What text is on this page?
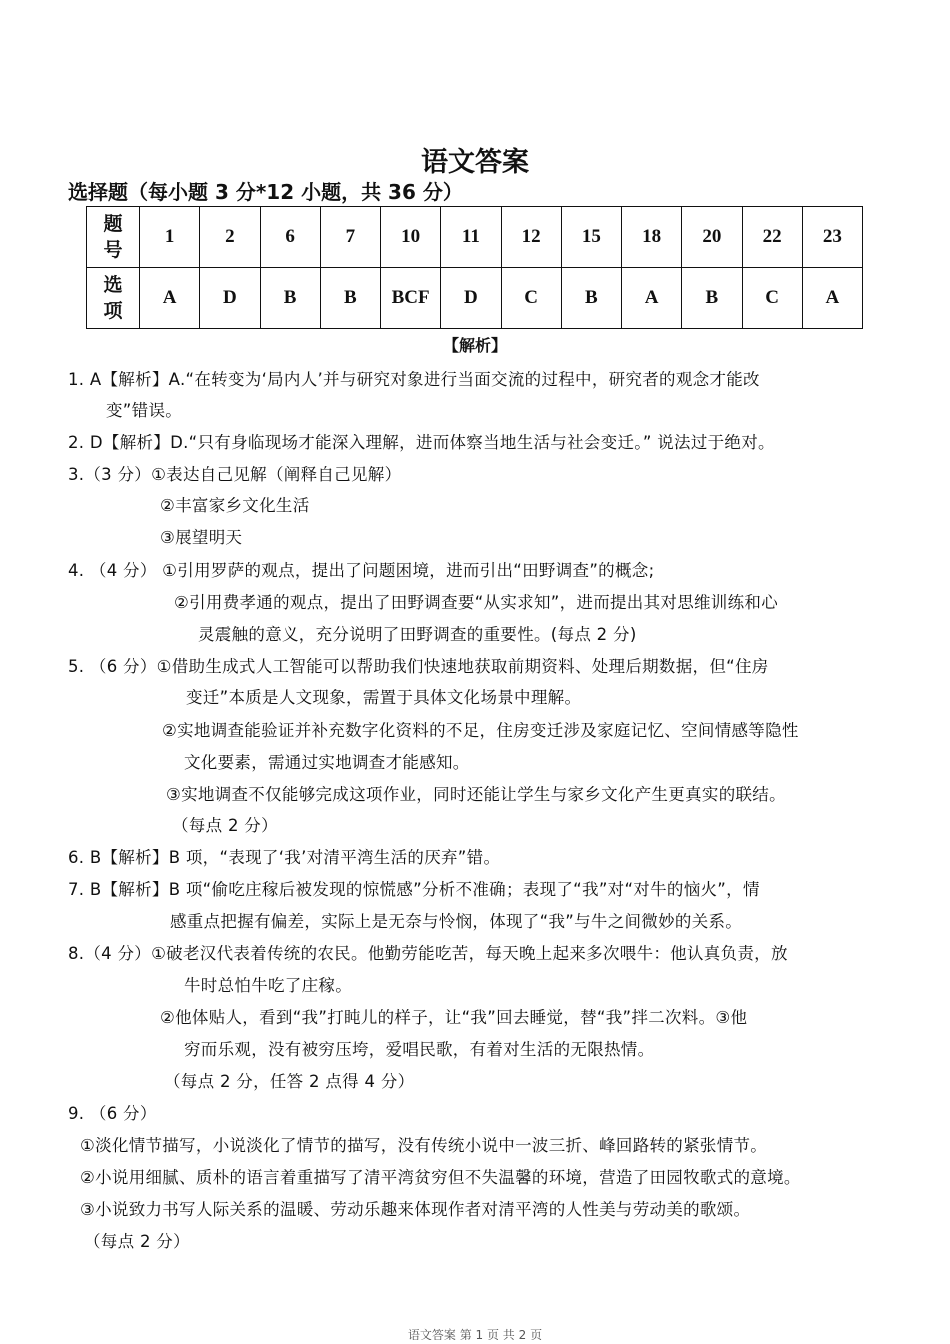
语文答案
选择题（每小题 3 分*12 小题，共 36 分）
题号	1	2	6	7	10	11	12	15	18	20	22	23
选项	A	D	B	B	BCF	D	C	B	A	B	C	A
【解析】
1. A【解析】A.“在转变为‘局内人’并与研究对象进行当面交流的过程中，研究者的观念才能改
变”错误。
2. D【解析】D.“只有身临现场才能深入理解，进而体察当地生活与社会变迁。” 说法过于绝对。
3.（3 分）①表达自己见解（阐释自己见解）
②丰富家乡文化生活
③展望明天
4. （4 分） ①引用罗萨的观点，提出了问题困境，进而引出“田野调查”的概念;
②引用费孝通的观点，提出了田野调查要“从实求知”，进而提出其对思维训练和心
灵震触的意义，充分说明了田野调查的重要性。(每点 2 分)
5. （6 分）①借助生成式人工智能可以帮助我们快速地获取前期资料、处理后期数据，但“住房
变迁”本质是人文现象，需置于具体文化场景中理解。
②实地调查能验证并补充数字化资料的不足，住房变迁涉及家庭记忆、空间情感等隐性
文化要素，需通过实地调查才能感知。
③实地调查不仅能够完成这项作业，同时还能让学生与家乡文化产生更真实的联结。
（每点 2 分）
6. B【解析】B 项，“表现了‘我’对清平湾生活的厌弃”错。
7. B【解析】B 项“偷吃庄稼后被发现的惊慌感”分析不准确；表现了“我”对“对牛的恼火”，情
感重点把握有偏差，实际上是无奈与怜悯，体现了“我”与牛之间微妙的关系。
8.（4 分）①破老汉代表着传统的农民。他勤劳能吃苦，每天晚上起来多次喂牛：他认真负责，放
牛时总怕牛吃了庄稼。
②他体贴人，看到“我”打盹儿的样子，让“我”回去睡觉，替“我”拌二次料。③他
穷而乐观，没有被穷压垮，爱唱民歌，有着对生活的无限热情。
（每点 2 分，任答 2 点得 4 分）
9. （6 分）
①淡化情节描写，小说淡化了情节的描写，没有传统小说中一波三折、峰回路转的紧张情节。
②小说用细腻、质朴的语言着重描写了清平湾贫穷但不失温馨的环境，营造了田园牧歌式的意境。
③小说致力书写人际关系的温暖、劳动乐趣来体现作者对清平湾的人性美与劳动美的歌颂。
（每点 2 分）
语文答案 第 1 页 共 2 页
